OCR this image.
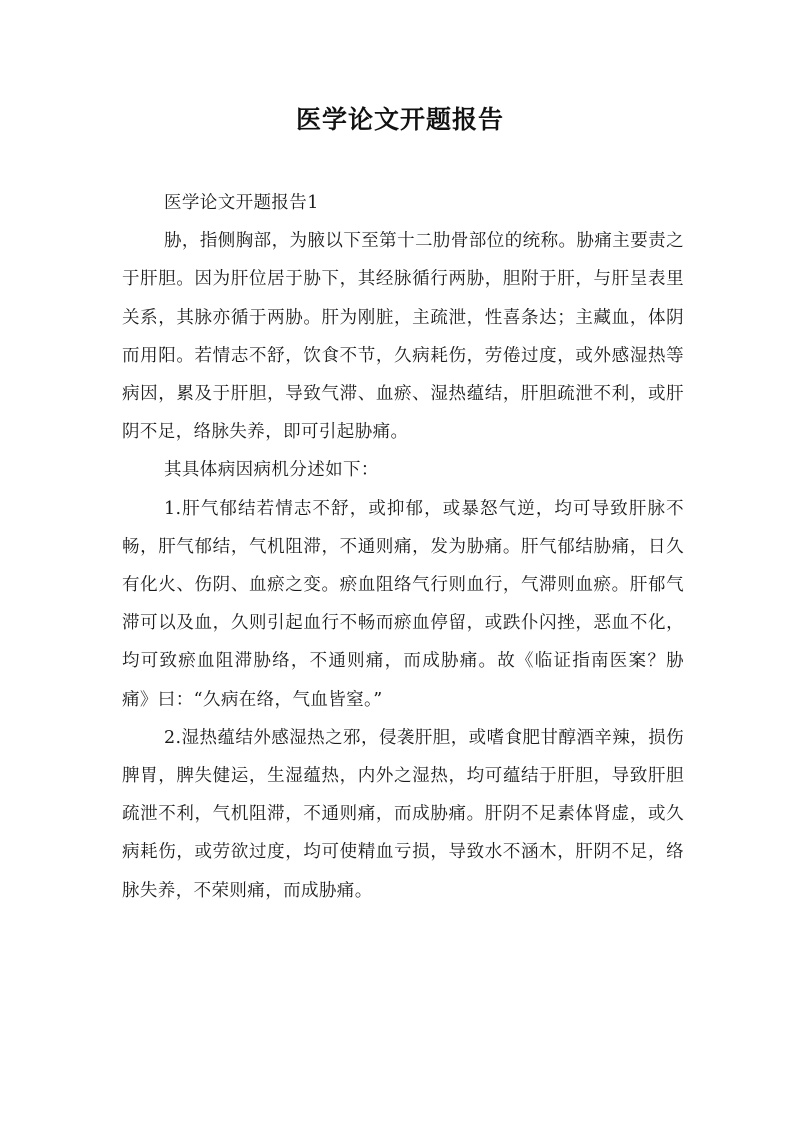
医学论文开题报告

医学论文开题报告1

胁，指侧胸部，为腋以下至第十二肋骨部位的统称。胁痛主要责之于肝胆。因为肝位居于胁下，其经脉循行两胁，胆附于肝，与肝呈表里关系，其脉亦循于两胁。肝为刚脏，主疏泄，性喜条达；主藏血，体阴而用阳。若情志不舒，饮食不节，久病耗伤，劳倦过度，或外感湿热等病因，累及于肝胆，导致气滞、血瘀、湿热蕴结，肝胆疏泄不利，或肝阴不足，络脉失养，即可引起胁痛。

其具体病因病机分述如下：

1.肝气郁结若情志不舒，或抑郁，或暴怒气逆，均可导致肝脉不畅，肝气郁结，气机阻滞，不通则痛，发为胁痛。肝气郁结胁痛，日久有化火、伤阴、血瘀之变。瘀血阻络气行则血行，气滞则血瘀。肝郁气滞可以及血，久则引起血行不畅而瘀血停留，或跌仆闪挫，恶血不化，均可致瘀血阻滞胁络，不通则痛，而成胁痛。故《临证指南医案？胁痛》曰：“久病在络，气血皆窒。”

2.湿热蕴结外感湿热之邪，侵袭肝胆，或嗜食肥甘醇酒辛辣，损伤脾胃，脾失健运，生湿蕴热，内外之湿热，均可蕴结于肝胆，导致肝胆疏泄不利，气机阻滞，不通则痛，而成胁痛。肝阴不足素体肾虚，或久病耗伤，或劳欲过度，均可使精血亏损，导致水不涵木，肝阴不足，络脉失养，不荣则痛，而成胁痛。
